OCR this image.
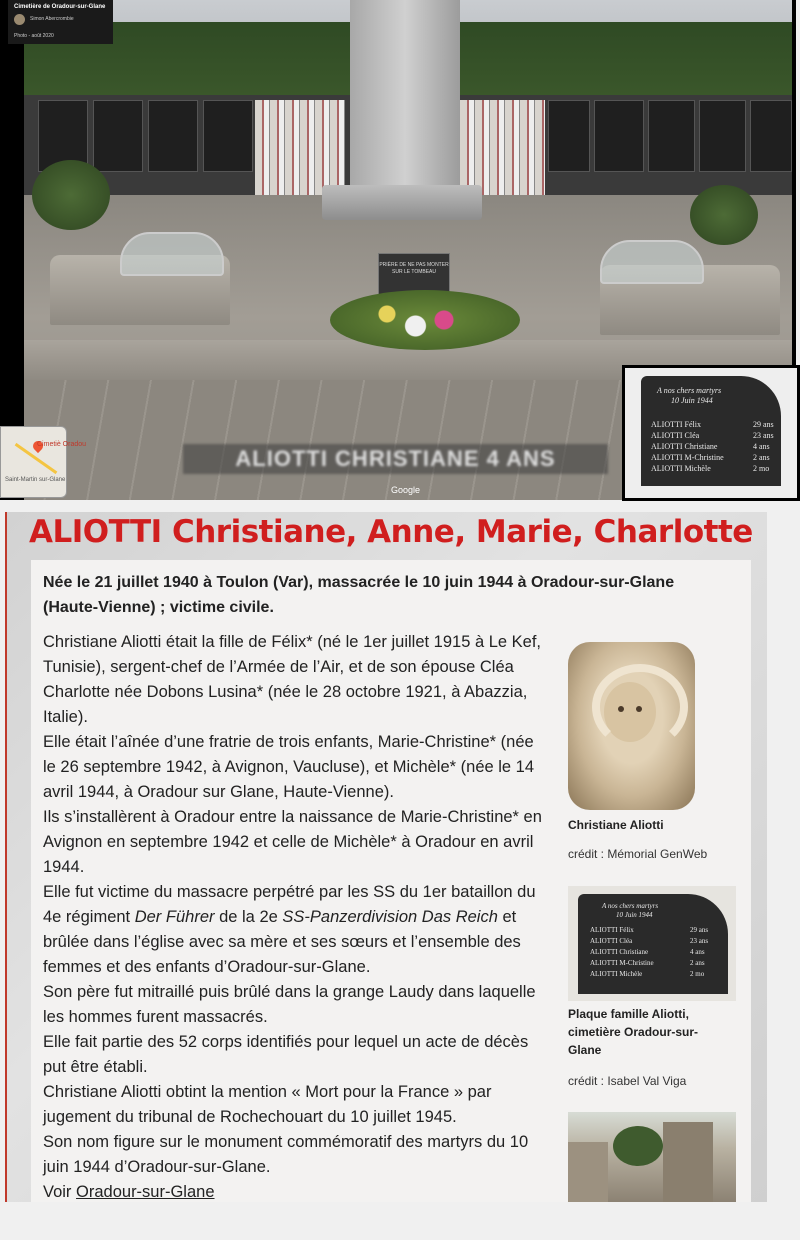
PRIÈRE DE NE PAS MONTER SUR LE TOMBEAU
ALIOTTI CHRISTIANE 4 ANS
Google
Cimetière de Oradour-sur-Glane
Simon Abercrombie
Photo - août 2020
Cimetiè Oradou
Saint-Martin sur-Glane
A nos chers martyrs
10 Juin 1944
ALIOTTI Félix	29 ans
ALIOTTI Cléa	23 ans
ALIOTTI Christiane	4 ans
ALIOTTI M-Christine	2 ans
ALIOTTI Michèle	2 mo
ALIOTTI Christiane, Anne, Marie, Charlotte
Née le 21 juillet 1940 à Toulon (Var), massacrée le 10 juin 1944 à Oradour-sur-Glane (Haute-Vienne) ; victime civile.

Christiane Aliotti était la fille de Félix* (né le 1er juillet 1915 à Le Kef, Tunisie), sergent-chef de l’Armée de l’Air, et de son épouse Cléa Charlotte née Dobons Lusina* (née le 28 octobre 1921, à Abazzia, Italie).

Elle était l’aînée d’une fratrie de trois enfants, Marie-Christine* (née le 26 septembre 1942, à Avignon, Vaucluse), et Michèle* (née le 14 avril 1944, à Oradour sur Glane, Haute-Vienne).

Ils s’installèrent à Oradour entre la naissance de Marie-Christine* en Avignon en septembre 1942 et celle de Michèle* à Oradour en avril 1944.

Elle fut victime du massacre perpétré par les SS du 1er bataillon du 4e régiment Der Führer de la 2e SS-Panzerdivision Das Reich et brûlée dans l’église avec sa mère et ses sœurs et l’ensemble des femmes et des enfants d’Oradour-sur-Glane.

Son père fut mitraillé puis brûlé dans la grange Laudy dans laquelle les hommes furent massacrés.

Elle fait partie des 52 corps identifiés pour lequel un acte de décès put être établi.

Christiane Aliotti obtint la mention « Mort pour la France » par jugement du tribunal de Rochechouart du 10 juillet 1945.

Son nom figure sur le monument commémoratif des martyrs du 10 juin 1944 d’Oradour-sur-Glane.

Voir Oradour-sur-Glane

Christiane Aliotti
crédit : Mémorial GenWeb
A nos chers martyrs
10 Juin 1944
ALIOTTI Félix	29 ans
ALIOTTI Cléa	23 ans
ALIOTTI Christiane	4 ans
ALIOTTI M-Christine	2 ans
ALIOTTI Michèle	2 mo
Plaque famille Aliotti, cimetière Oradour-sur-Glane
crédit : Isabel Val Viga
